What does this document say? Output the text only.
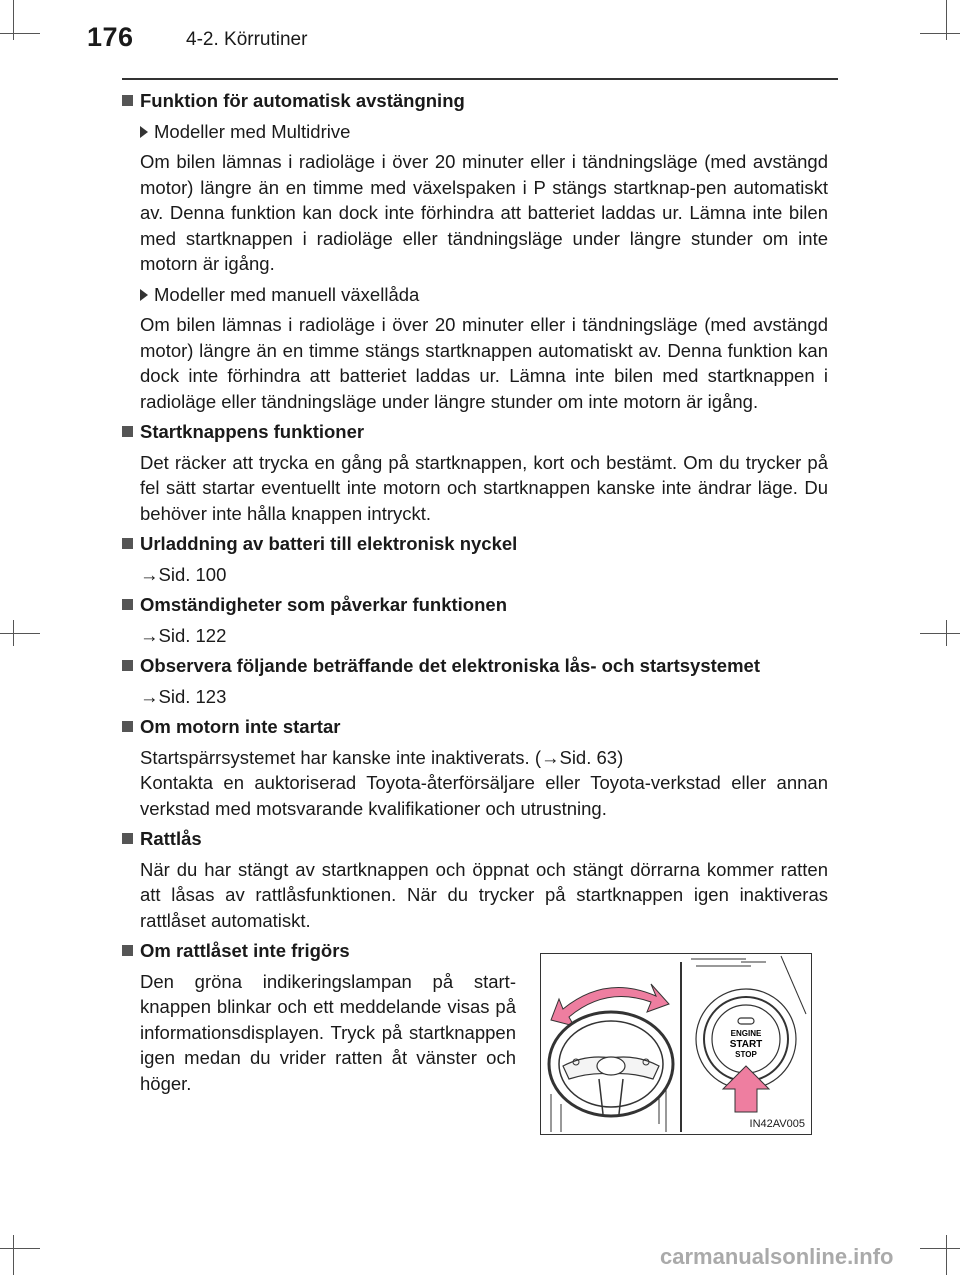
176	4-2. Körrutiner
Funktion för automatisk avstängning
Modeller med Multidrive
Om bilen lämnas i radioläge i över 20 minuter eller i tändningsläge (med avstängd motor) längre än en timme med växelspaken i P stängs startknap-pen automatiskt av. Denna funktion kan dock inte förhindra att batteriet laddas ur. Lämna inte bilen med startknappen i radioläge eller tändningsläge under längre stunder om inte motorn är igång.
Modeller med manuell växellåda
Om bilen lämnas i radioläge i över 20 minuter eller i tändningsläge (med avstängd motor) längre än en timme stängs startknappen automatiskt av. Denna funktion kan dock inte förhindra att batteriet laddas ur. Lämna inte bilen med startknappen i radioläge eller tändningsläge under längre stunder om inte motorn är igång.
Startknappens funktioner
Det räcker att trycka en gång på startknappen, kort och bestämt. Om du trycker på fel sätt startar eventuellt inte motorn och startknappen kanske inte ändrar läge. Du behöver inte hålla knappen intryckt.
Urladdning av batteri till elektronisk nyckel
→Sid. 100
Omständigheter som påverkar funktionen
→Sid. 122
Observera följande beträffande det elektroniska lås- och startsystemet
→Sid. 123
Om motorn inte startar
Startspärrsystemet har kanske inte inaktiverats. (→Sid. 63)
Kontakta en auktoriserad Toyota-återförsäljare eller Toyota-verkstad eller annan verkstad med motsvarande kvalifikationer och utrustning.
Rattlås
När du har stängt av startknappen och öppnat och stängt dörrarna kommer ratten att låsas av rattlåsfunktionen. När du trycker på startknappen igen inaktiveras rattlåset automatiskt.
Om rattlåset inte frigörs
Den gröna indikeringslampan på start-knappen blinkar och ett meddelande visas på informationsdisplayen. Tryck på startknappen igen medan du vrider ratten åt vänster och höger.
ENGINE
START
STOP
IN42AV005
carmanualsonline.info
